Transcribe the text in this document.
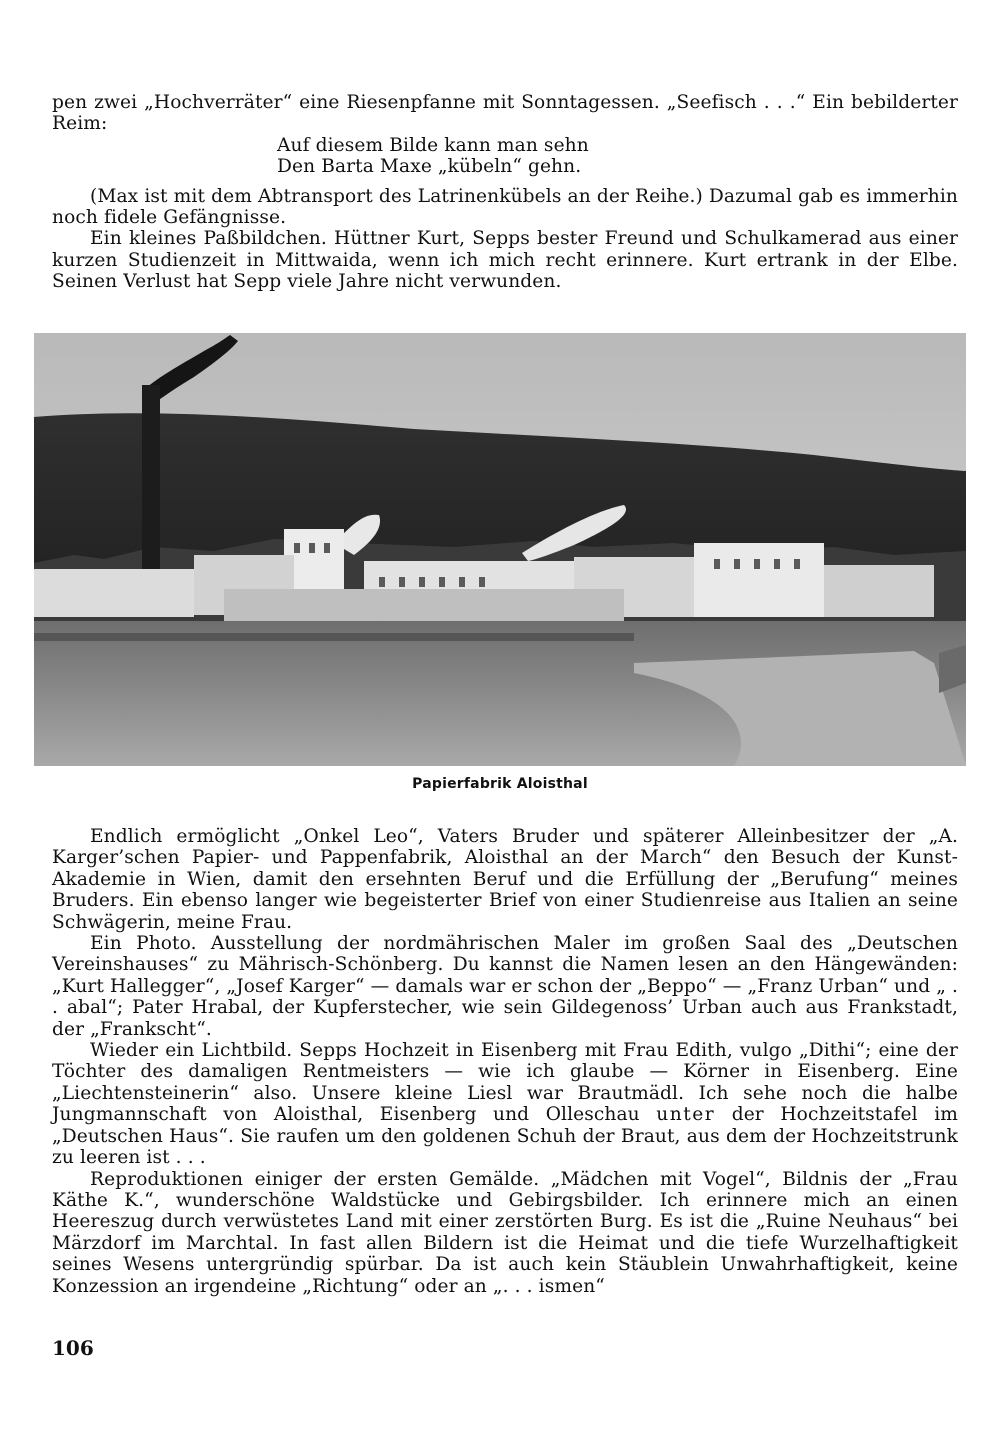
pen zwei „Hochverräter“ eine Riesenpfanne mit Sonntagessen. „Seefisch . . .“ Ein bebilderter Reim:

Auf diesem Bilde kann man sehn
Den Barta Maxe „kübeln“ gehn.

(Max ist mit dem Abtransport des Latrinenkübels an der Reihe.) Dazumal gab es immerhin noch fidele Gefängnisse.

Ein kleines Paßbildchen. Hüttner Kurt, Sepps bester Freund und Schulkamerad aus einer kurzen Studienzeit in Mittwaida, wenn ich mich recht erinnere. Kurt ertrank in der Elbe. Seinen Verlust hat Sepp viele Jahre nicht verwunden.

Papierfabrik Aloisthal

Endlich ermöglicht „Onkel Leo“, Vaters Bruder und späterer Alleinbesitzer der „A. Karger’schen Papier- und Pappenfabrik, Aloisthal an der March“ den Besuch der Kunst-Akademie in Wien, damit den ersehnten Beruf und die Erfüllung der „Berufung“ meines Bruders. Ein ebenso langer wie begeisterter Brief von einer Studienreise aus Italien an seine Schwägerin, meine Frau.

Ein Photo. Ausstellung der nordmährischen Maler im großen Saal des „Deutschen Vereinshauses“ zu Mährisch-Schönberg. Du kannst die Namen lesen an den Hängewänden: „Kurt Hallegger“, „Josef Karger“ — damals war er schon der „Beppo“ — „Franz Urban“ und „ . . abal“; Pater Hrabal, der Kupferstecher, wie sein Gildegenoss’ Urban auch aus Frankstadt, der „Frankscht“.

Wieder ein Lichtbild. Sepps Hochzeit in Eisenberg mit Frau Edith, vulgo „Dithi“; eine der Töchter des damaligen Rentmeisters — wie ich glaube — Körner in Eisenberg. Eine „Liechtensteinerin“ also. Unsere kleine Liesl war Brautmädl. Ich sehe noch die halbe Jungmannschaft von Aloisthal, Eisenberg und Olleschau unter der Hochzeitstafel im „Deutschen Haus“. Sie raufen um den goldenen Schuh der Braut, aus dem der Hochzeitstrunk zu leeren ist . . .

Reproduktionen einiger der ersten Gemälde. „Mädchen mit Vogel“, Bildnis der „Frau Käthe K.“, wunderschöne Waldstücke und Gebirgsbilder. Ich erinnere mich an einen Heereszug durch verwüstetes Land mit einer zerstörten Burg. Es ist die „Ruine Neuhaus“ bei Märzdorf im Marchtal. In fast allen Bildern ist die Heimat und die tiefe Wurzelhaftigkeit seines Wesens untergründig spürbar. Da ist auch kein Stäublein Unwahrhaftigkeit, keine Konzession an irgendeine „Richtung“ oder an „. . . ismen“

106
